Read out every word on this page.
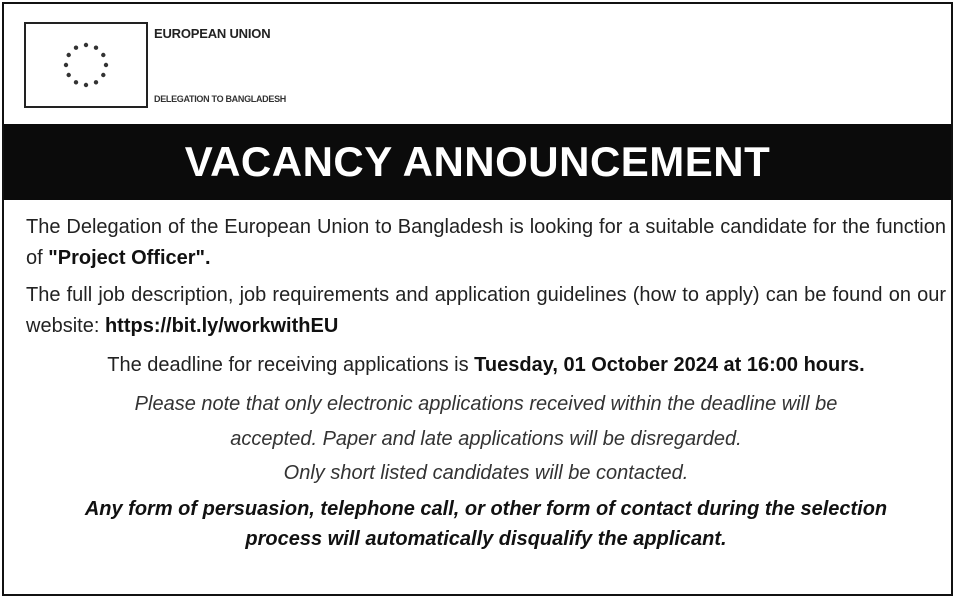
EUROPEAN UNION
DELEGATION TO BANGLADESH
VACANCY ANNOUNCEMENT

The Delegation of the European Union to Bangladesh is looking for a suitable candidate for the function of "Project Officer".

The full job description, job requirements and application guidelines (how to apply) can be found on our website: https://bit.ly/workwithEU

The deadline for receiving applications is Tuesday, 01 October 2024 at 16:00 hours.

Please note that only electronic applications received within the deadline will be

accepted. Paper and late applications will be disregarded.

Only short listed candidates will be contacted.

Any form of persuasion, telephone call, or other form of contact during the selection

process will automatically disqualify the applicant.
